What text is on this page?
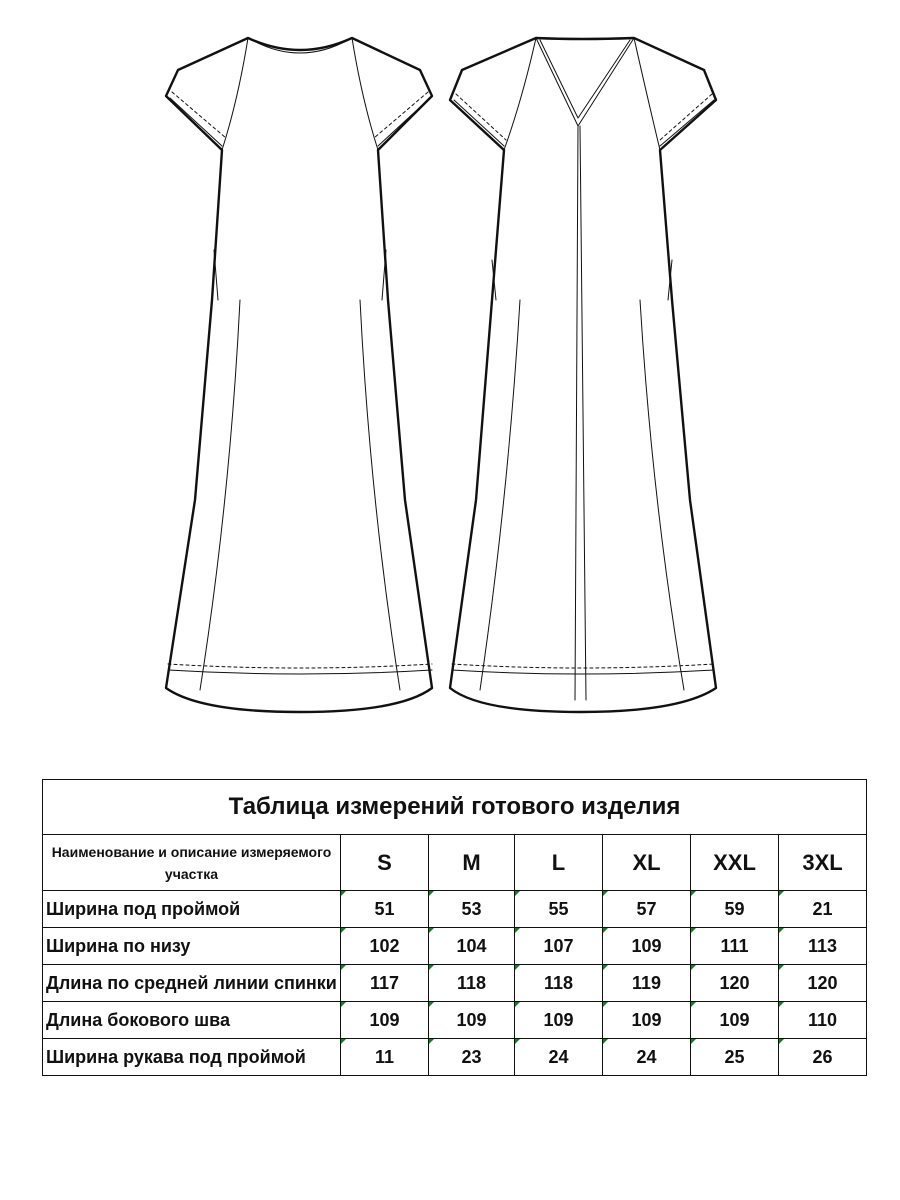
Таблица измерений готового изделия						
Наименование и описание измеряемого участка	S	M	L	XL	XXL	3XL
Ширина под проймой	51	53	55	57	59	21
Ширина по низу	102	104	107	109	111	113
Длина по средней линии спинки	117	118	118	119	120	120
Длина бокового шва	109	109	109	109	109	110
Ширина рукава под проймой	11	23	24	24	25	26
